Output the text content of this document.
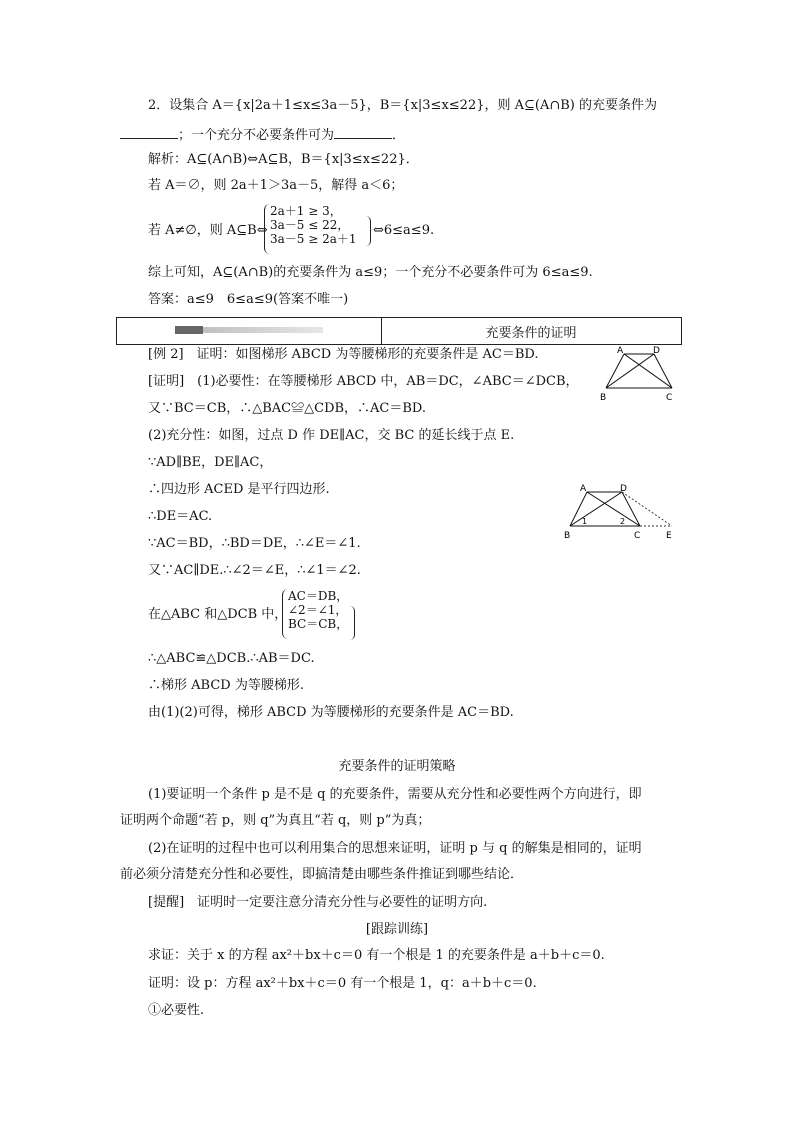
2．设集合 A＝{x|2a＋1≤x≤3a－5}，B＝{x|3≤x≤22}，则 A⊆(A∩B) 的充要条件为
；一个充分不必要条件可为	．
解析：A⊆(A∩B)⇔A⊆B，B＝{x|3≤x≤22}．
若 A＝∅，则 2a＋1＞3a－5，解得 a＜6；
若 A≠∅，则 A⊆B⇔
2a＋1 ≥ 3，
3a－5 ≤ 22，
3a－5 ≥ 2a＋1
⇔6≤a≤9.
综上可知，A⊆(A∩B)的充要条件为 a≤9；一个充分不必要条件可为 6≤a≤9.
答案：a≤9　6≤a≤9(答案不唯一)
充要条件的证明
[例 2]　证明：如图梯形 ABCD 为等腰梯形的充要条件是 AC＝BD.
[证明]　(1)必要性：在等腰梯形 ABCD 中，AB＝DC，∠ABC＝∠DCB，
又∵BC＝CB，∴△BAC≌△CDB，∴AC＝BD.
(2)充分性：如图，过点 D 作 DE∥AC，交 BC 的延长线于点 E.
∵AD∥BE，DE∥AC，
∴四边形 ACED 是平行四边形.
∴DE＝AC.
∵AC＝BD，∴BD＝DE，∴∠E＝∠1.
又∵AC∥DE.∴∠2＝∠E，∴∠1＝∠2.
在△ABC 和△DCB 中，
AC＝DB，
∠2＝∠1，
BC＝CB，
∴△ABC≌△DCB.∴AB＝DC.
∴梯形 ABCD 为等腰梯形.
由(1)(2)可得，梯形 ABCD 为等腰梯形的充要条件是 AC＝BD.
A	D
B	C
A	D
B	C	E
1	2
充要条件的证明策略
(1)要证明一个条件 p 是不是 q 的充要条件，需要从充分性和必要性两个方向进行，即
证明两个命题“若 p，则 q”为真且“若 q，则 p”为真；
(2)在证明的过程中也可以利用集合的思想来证明，证明 p 与 q 的解集是相同的，证明
前必须分清楚充分性和必要性，即搞清楚由哪些条件推证到哪些结论．
[提醒]　证明时一定要注意分清充分性与必要性的证明方向.
[跟踪训练]
求证：关于 x 的方程 ax²＋bx＋c＝0 有一个根是 1 的充要条件是 a＋b＋c＝0.
证明：设 p：方程 ax²＋bx＋c＝0 有一个根是 1，q：a＋b＋c＝0.
①必要性.
